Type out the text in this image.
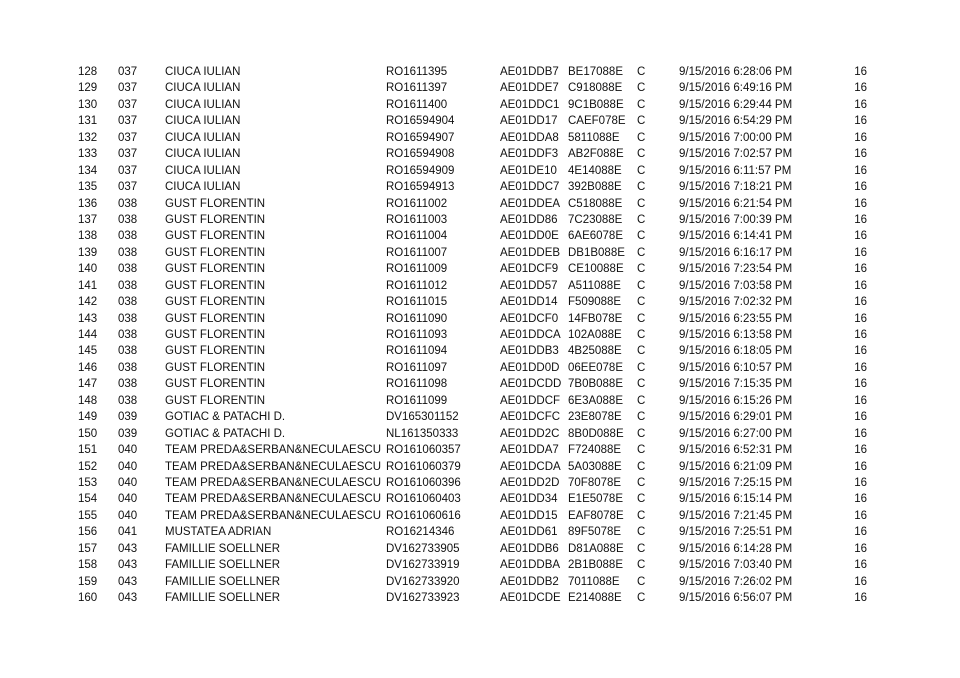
128 037 CIUCA IULIAN	RO1611395	AE01DDB7 BE17088E C	9/15/2016 6:28:06 PM	16
129 037 CIUCA IULIAN	RO1611397	AE01DDE7 C918088E C	9/15/2016 6:49:16 PM	16
130 037 CIUCA IULIAN	RO1611400	AE01DDC1 9C1B088E C	9/15/2016 6:29:44 PM	16
131 037 CIUCA IULIAN	RO16594904	AE01DD17 CAEF078E C	9/15/2016 6:54:29 PM	16
132 037 CIUCA IULIAN	RO16594907	AE01DDA8 5811088E C	9/15/2016 7:00:00 PM	16
133 037 CIUCA IULIAN	RO16594908	AE01DDF3 AB2F088E C	9/15/2016 7:02:57 PM	16
134 037 CIUCA IULIAN	RO16594909	AE01DE10 4E14088E C	9/15/2016 6:11:57 PM	16
135 037 CIUCA IULIAN	RO16594913	AE01DDC7 392B088E C	9/15/2016 7:18:21 PM	16
136 038 GUST FLORENTIN	RO1611002	AE01DDEA C518088E C	9/15/2016 6:21:54 PM	16
137 038 GUST FLORENTIN	RO1611003	AE01DD86 7C23088E C	9/15/2016 7:00:39 PM	16
138 038 GUST FLORENTIN	RO1611004	AE01DD0E 6AE6078E C	9/15/2016 6:14:41 PM	16
139 038 GUST FLORENTIN	RO1611007	AE01DDEB DB1B088E C	9/15/2016 6:16:17 PM	16
140 038 GUST FLORENTIN	RO1611009	AE01DCF9 CE10088E C	9/15/2016 7:23:54 PM	16
141 038 GUST FLORENTIN	RO1611012	AE01DD57 A511088E C	9/15/2016 7:03:58 PM	16
142 038 GUST FLORENTIN	RO1611015	AE01DD14 F509088E C	9/15/2016 7:02:32 PM	16
143 038 GUST FLORENTIN	RO1611090	AE01DCF0 14FB078E C	9/15/2016 6:23:55 PM	16
144 038 GUST FLORENTIN	RO1611093	AE01DDCA 102A088E C	9/15/2016 6:13:58 PM	16
145 038 GUST FLORENTIN	RO1611094	AE01DDB3 4B25088E C	9/15/2016 6:18:05 PM	16
146 038 GUST FLORENTIN	RO1611097	AE01DD0D 06EE078E C	9/15/2016 6:10:57 PM	16
147 038 GUST FLORENTIN	RO1611098	AE01DCDD 7B0B088E C	9/15/2016 7:15:35 PM	16
148 038 GUST FLORENTIN	RO1611099	AE01DDCF 6E3A088E C	9/15/2016 6:15:26 PM	16
149 039 GOTIAC & PATACHI D.	DV165301152	AE01DCFC 23E8078E C	9/15/2016 6:29:01 PM	16
150 039 GOTIAC & PATACHI D.	NL161350333	AE01DD2C 8B0D088E C	9/15/2016 6:27:00 PM	16
151 040 TEAM PREDA&SERBAN&NECULAESCU RO161060357	AE01DDA7 F724088E C	9/15/2016 6:52:31 PM	16
152 040 TEAM PREDA&SERBAN&NECULAESCU RO161060379	AE01DCDA 5A03088E C	9/15/2016 6:21:09 PM	16
153 040 TEAM PREDA&SERBAN&NECULAESCU RO161060396	AE01DD2D 70F8078E C	9/15/2016 7:25:15 PM	16
154 040 TEAM PREDA&SERBAN&NECULAESCU RO161060403	AE01DD34 E1E5078E C	9/15/2016 6:15:14 PM	16
155 040 TEAM PREDA&SERBAN&NECULAESCU RO161060616	AE01DD15 EAF8078E C	9/15/2016 7:21:45 PM	16
156 041 MUSTATEA ADRIAN	RO16214346	AE01DD61 89F5078E C	9/15/2016 7:25:51 PM	16
157 043 FAMILLIE SOELLNER	DV162733905	AE01DDB6 D81A088E C	9/15/2016 6:14:28 PM	16
158 043 FAMILLIE SOELLNER	DV162733919	AE01DDBA 2B1B088E C	9/15/2016 7:03:40 PM	16
159 043 FAMILLIE SOELLNER	DV162733920	AE01DDB2 7011088E C	9/15/2016 7:26:02 PM	16
160 043 FAMILLIE SOELLNER	DV162733923	AE01DCDE E214088E C	9/15/2016 6:56:07 PM	16
